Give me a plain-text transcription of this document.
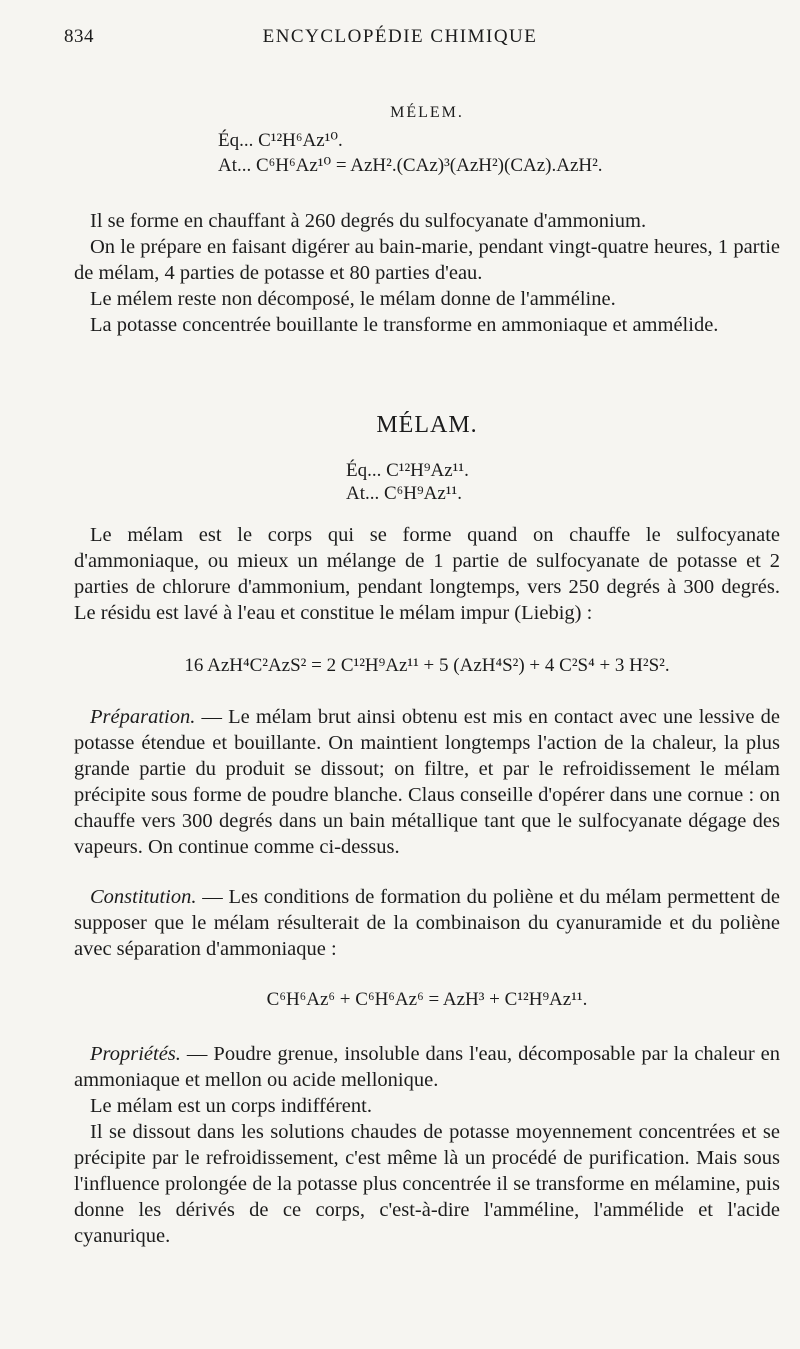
834	ENCYCLOPÉDIE CHIMIQUE
MÉLEM.
Éq... C¹²H⁶Az¹⁰.
At... C⁶H⁶Az¹⁰ = AzH².(CAz)³(AzH²)(CAz).AzH².
Il se forme en chauffant à 260 degrés du sulfocyanate d'ammonium.
On le prépare en faisant digérer au bain-marie, pendant vingt-quatre heures, 1 partie de mélam, 4 parties de potasse et 80 parties d'eau.
Le mélem reste non décomposé, le mélam donne de l'amméline.
La potasse concentrée bouillante le transforme en ammoniaque et ammélide.
MÉLAM.
Éq... C¹²H⁹Az¹¹.
At... C⁶H⁹Az¹¹.
Le mélam est le corps qui se forme quand on chauffe le sulfocyanate d'ammoniaque, ou mieux un mélange de 1 partie de sulfocyanate de potasse et 2 parties de chlorure d'ammonium, pendant longtemps, vers 250 degrés à 300 degrés. Le résidu est lavé à l'eau et constitue le mélam impur (Liebig) :
16 AzH⁴C²AzS² = 2 C¹²H⁹Az¹¹ + 5 (AzH⁴S²) + 4 C²S⁴ + 3 H²S².
Préparation. — Le mélam brut ainsi obtenu est mis en contact avec une lessive de potasse étendue et bouillante. On maintient longtemps l'action de la chaleur, la plus grande partie du produit se dissout; on filtre, et par le refroidissement le mélam précipite sous forme de poudre blanche. Claus conseille d'opérer dans une cornue : on chauffe vers 300 degrés dans un bain métallique tant que le sulfocyanate dégage des vapeurs. On continue comme ci-dessus.
Constitution. — Les conditions de formation du poliène et du mélam permettent de supposer que le mélam résulterait de la combinaison du cyanuramide et du poliène avec séparation d'ammoniaque :
C⁶H⁶Az⁶ + C⁶H⁶Az⁶ = AzH³ + C¹²H⁹Az¹¹.
Propriétés. — Poudre grenue, insoluble dans l'eau, décomposable par la chaleur en ammoniaque et mellon ou acide mellonique.
Le mélam est un corps indifférent.
Il se dissout dans les solutions chaudes de potasse moyennement concentrées et se précipite par le refroidissement, c'est même là un procédé de purification. Mais sous l'influence prolongée de la potasse plus concentrée il se transforme en mélamine, puis donne les dérivés de ce corps, c'est-à-dire l'amméline, l'ammélide et l'acide cyanurique.
